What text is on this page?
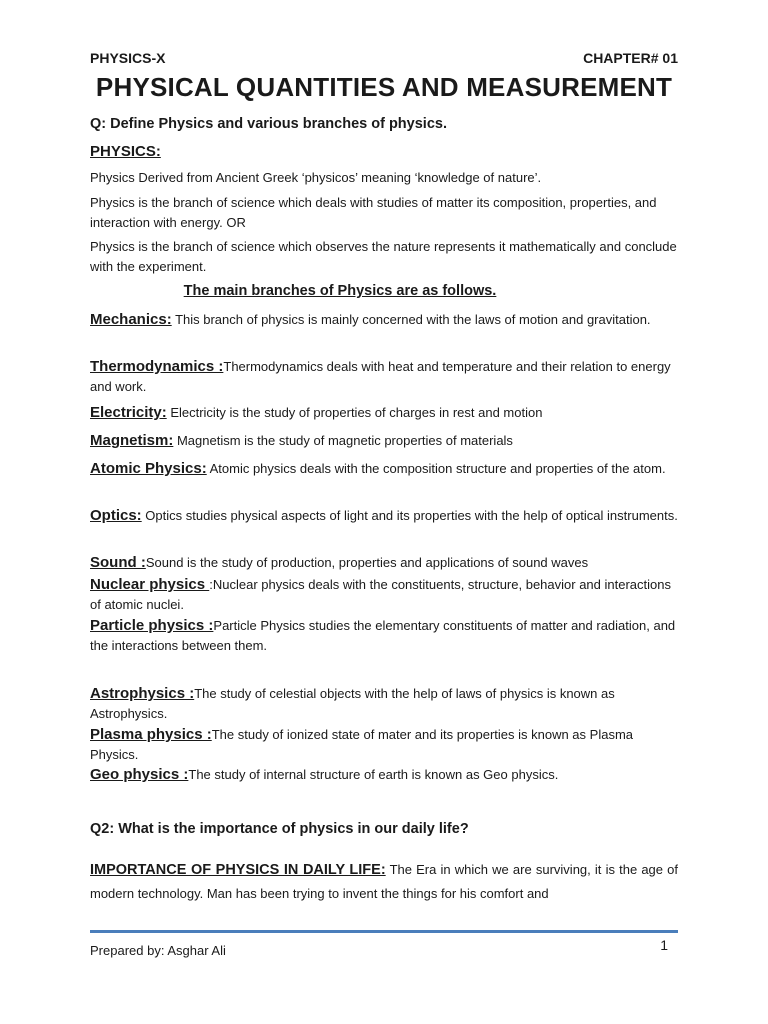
PHYSICS-X	CHAPTER# 01
PHYSICAL QUANTITIES AND MEASUREMENT
Q: Define Physics and various branches of physics.
PHYSICS:
Physics Derived from Ancient Greek ‘physicos’ meaning ‘knowledge of nature’.
Physics is the branch of science which deals with studies of matter its composition, properties, and interaction with energy. OR
Physics is the branch of science which observes the nature represents it mathematically and conclude with the experiment.
The main branches of Physics are as follows.
Mechanics: This branch of physics is mainly concerned with the laws of motion and gravitation.
Thermodynamics :Thermodynamics deals with heat and temperature and their relation to energy and work.
Electricity: Electricity is the study of properties of charges in rest and motion
Magnetism: Magnetism is the study of magnetic properties of materials
Atomic Physics: Atomic physics deals with the composition structure and properties of the atom.
Optics: Optics studies physical aspects of light and its properties with the help of optical instruments.
Sound :Sound is the study of production, properties and applications of sound waves
Nuclear physics :Nuclear physics deals with the constituents, structure, behavior and interactions of atomic nuclei.
Particle physics :Particle Physics studies the elementary constituents of matter and radiation, and the interactions between them.
Astrophysics :The study of celestial objects with the help of laws of physics is known as Astrophysics.
Plasma physics :The study of ionized state of mater and its properties is known as Plasma Physics.
Geo physics :The study of internal structure of earth is known as Geo physics.
Q2: What is the importance of physics in our daily life?
IMPORTANCE OF PHYSICS IN DAILY LIFE: The Era in which we are surviving, it is the age of modern technology. Man has been trying to invent the things for his comfort and
1
Prepared by: Asghar Ali
